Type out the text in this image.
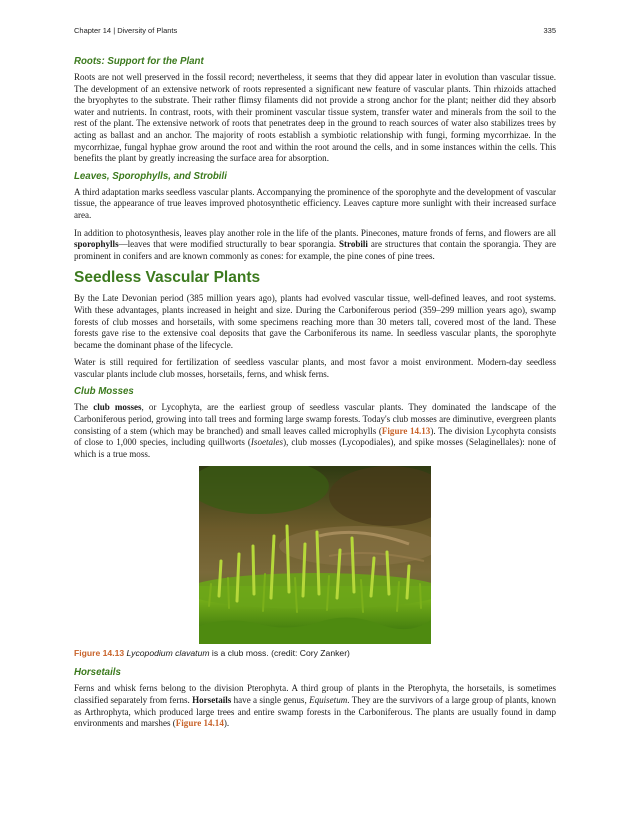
Chapter 14 | Diversity of Plants	335
Roots: Support for the Plant

Roots are not well preserved in the fossil record; nevertheless, it seems that they did appear later in evolution than vascular tissue. The development of an extensive network of roots represented a significant new feature of vascular plants. Thin rhizoids attached the bryophytes to the substrate. Their rather flimsy filaments did not provide a strong anchor for the plant; neither did they absorb water and nutrients. In contrast, roots, with their prominent vascular tissue system, transfer water and minerals from the soil to the rest of the plant. The extensive network of roots that penetrates deep in the ground to reach sources of water also stabilizes trees by acting as ballast and an anchor. The majority of roots establish a symbiotic relationship with fungi, forming mycorrhizae. In the mycorrhizae, fungal hyphae grow around the root and within the root around the cells, and in some instances within the cells. This benefits the plant by greatly increasing the surface area for absorption.

Leaves, Sporophylls, and Strobili

A third adaptation marks seedless vascular plants. Accompanying the prominence of the sporophyte and the development of vascular tissue, the appearance of true leaves improved photosynthetic efficiency. Leaves capture more sunlight with their increased surface area.

In addition to photosynthesis, leaves play another role in the life of the plants. Pinecones, mature fronds of ferns, and flowers are all sporophylls—leaves that were modified structurally to bear sporangia. Strobili are structures that contain the sporangia. They are prominent in conifers and are known commonly as cones: for example, the pine cones of pine trees.

Seedless Vascular Plants

By the Late Devonian period (385 million years ago), plants had evolved vascular tissue, well-defined leaves, and root systems. With these advantages, plants increased in height and size. During the Carboniferous period (359–299 million years ago), swamp forests of club mosses and horsetails, with some specimens reaching more than 30 meters tall, covered most of the land. These forests gave rise to the extensive coal deposits that gave the Carboniferous its name. In seedless vascular plants, the sporophyte became the dominant phase of the lifecycle.

Water is still required for fertilization of seedless vascular plants, and most favor a moist environment. Modern-day seedless vascular plants include club mosses, horsetails, ferns, and whisk ferns.

Club Mosses

The club mosses, or Lycophyta, are the earliest group of seedless vascular plants. They dominated the landscape of the Carboniferous period, growing into tall trees and forming large swamp forests. Today's club mosses are diminutive, evergreen plants consisting of a stem (which may be branched) and small leaves called microphylls (Figure 14.13). The division Lycophyta consists of close to 1,000 species, including quillworts (Isoetales), club mosses (Lycopodiales), and spike mosses (Selaginellales): none of which is a true moss.

Figure 14.13 Lycopodium clavatum is a club moss. (credit: Cory Zanker)

Horsetails

Ferns and whisk ferns belong to the division Pterophyta. A third group of plants in the Pterophyta, the horsetails, is sometimes classified separately from ferns. Horsetails have a single genus, Equisetum. They are the survivors of a large group of plants, known as Arthrophyta, which produced large trees and entire swamp forests in the Carboniferous. The plants are usually found in damp environments and marshes (Figure 14.14).
